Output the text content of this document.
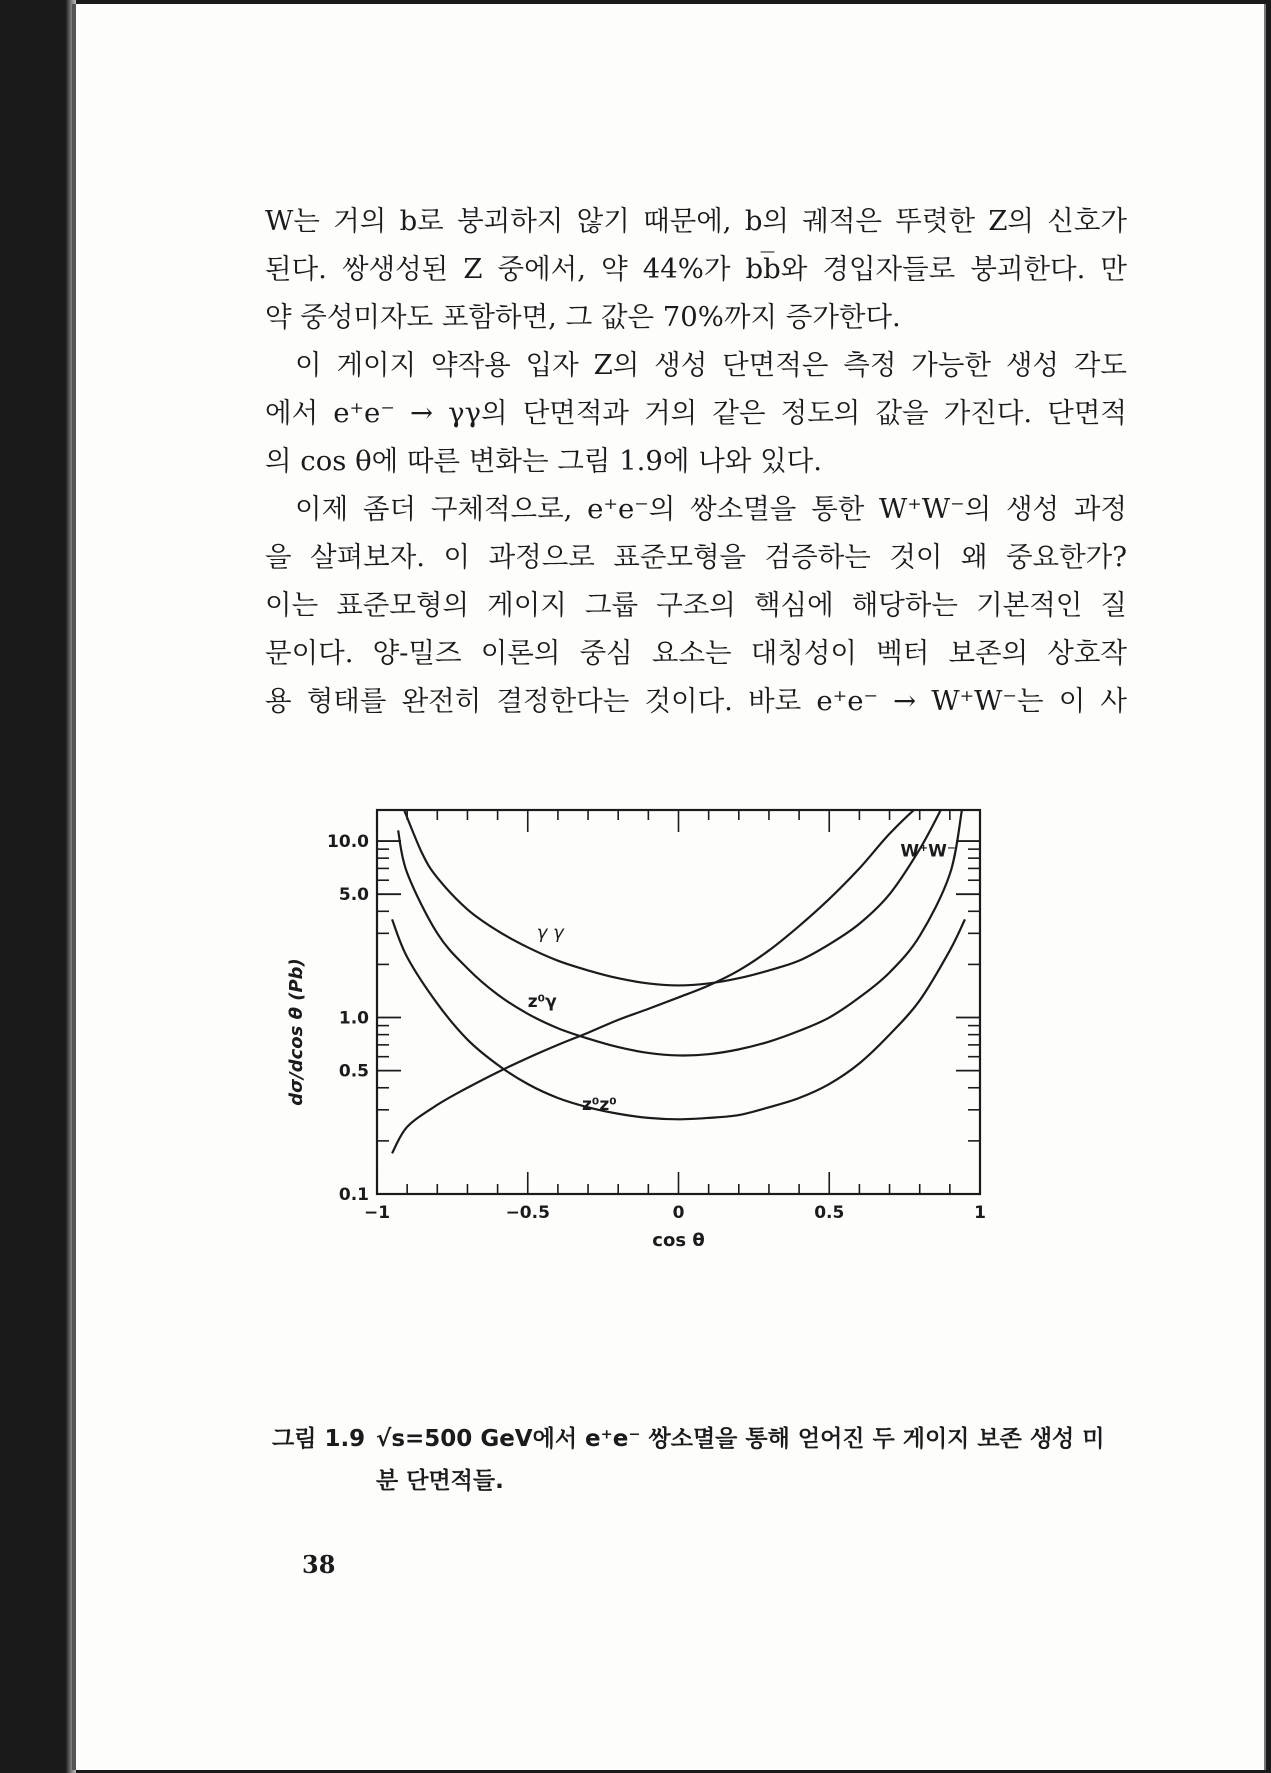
W는 거의 b로 붕괴하지 않기 때문에, b의 궤적은 뚜렷한 Z의 신호가
된다. 쌍생성된 Z 중에서, 약 44%가 bb̅와 경입자들로 붕괴한다. 만
약 중성미자도 포함하면, 그 값은 70%까지 증가한다.
이 게이지 약작용 입자 Z의 생성 단면적은 측정 가능한 생성 각도
에서 e⁺e⁻ → γγ의 단면적과 거의 같은 정도의 값을 가진다. 단면적
의 cos θ에 따른 변화는 그림 1.9에 나와 있다.
이제 좀더 구체적으로, e⁺e⁻의 쌍소멸을 통한 W⁺W⁻의 생성 과정
을 살펴보자. 이 과정으로 표준모형을 검증하는 것이 왜 중요한가?
이는 표준모형의 게이지 그룹 구조의 핵심에 해당하는 기본적인 질
문이다. 양-밀즈 이론의 중심 요소는 대칭성이 벡터 보존의 상호작
용 형태를 완전히 결정한다는 것이다. 바로 e⁺e⁻ → W⁺W⁻는 이 사
10.0
5.0
1.0
0.5
0.1
−1	−0.5	0	0.5	1
cos θ
dσ/dcos θ (Pb)
W⁺W⁻
γ γ
z⁰γ
z⁰z⁰
그림 1.9 √s=500 GeV에서 e⁺e⁻ 쌍소멸을 통해 얻어진 두 게이지 보존 생성 미
분 단면적들.
38
